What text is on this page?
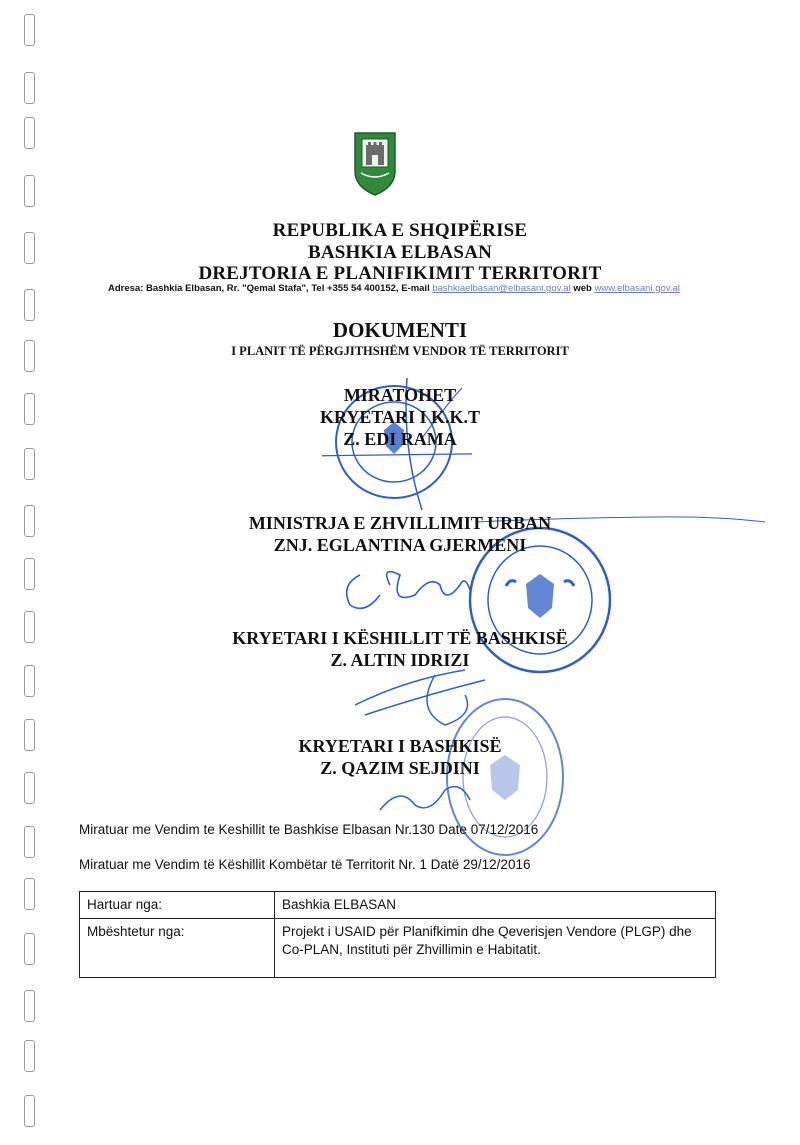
REPUBLIKA E SHQIPËRISE
BASHKIA ELBASAN
DREJTORIA E PLANIFIKIMIT TERRITORIT
Adresa: Bashkia Elbasan, Rr. "Qemal Stafa", Tel +355 54 400152, E-mail bashkiaelbasan@elbasani.gov.al web www.elbasani.gov.al
DOKUMENTI
I PLANIT TË PËRGJITHSHËM VENDOR TË TERRITORIT
MIRATOHET
KRYETARI I K.K.T
Z. EDI RAMA
MINISTRJA E ZHVILLIMIT URBAN
ZNJ. EGLANTINA GJERMENI
KRYETARI I KËSHILLIT TË BASHKISË
Z. ALTIN IDRIZI
KRYETARI I BASHKISË
Z. QAZIM SEJDINI
Miratuar me Vendim te Keshillit te Bashkise Elbasan Nr.130 Date 07/12/2016
Miratuar me Vendim të Këshillit Kombëtar të Territorit Nr. 1 Datë 29/12/2016
Hartuar nga:	Bashkia ELBASAN
Mbështetur nga:	Projekt i USAID për Planifkimin dhe Qeverisjen Vendore (PLGP) dhe Co-PLAN, Instituti për Zhvillimin e Habitatit.
